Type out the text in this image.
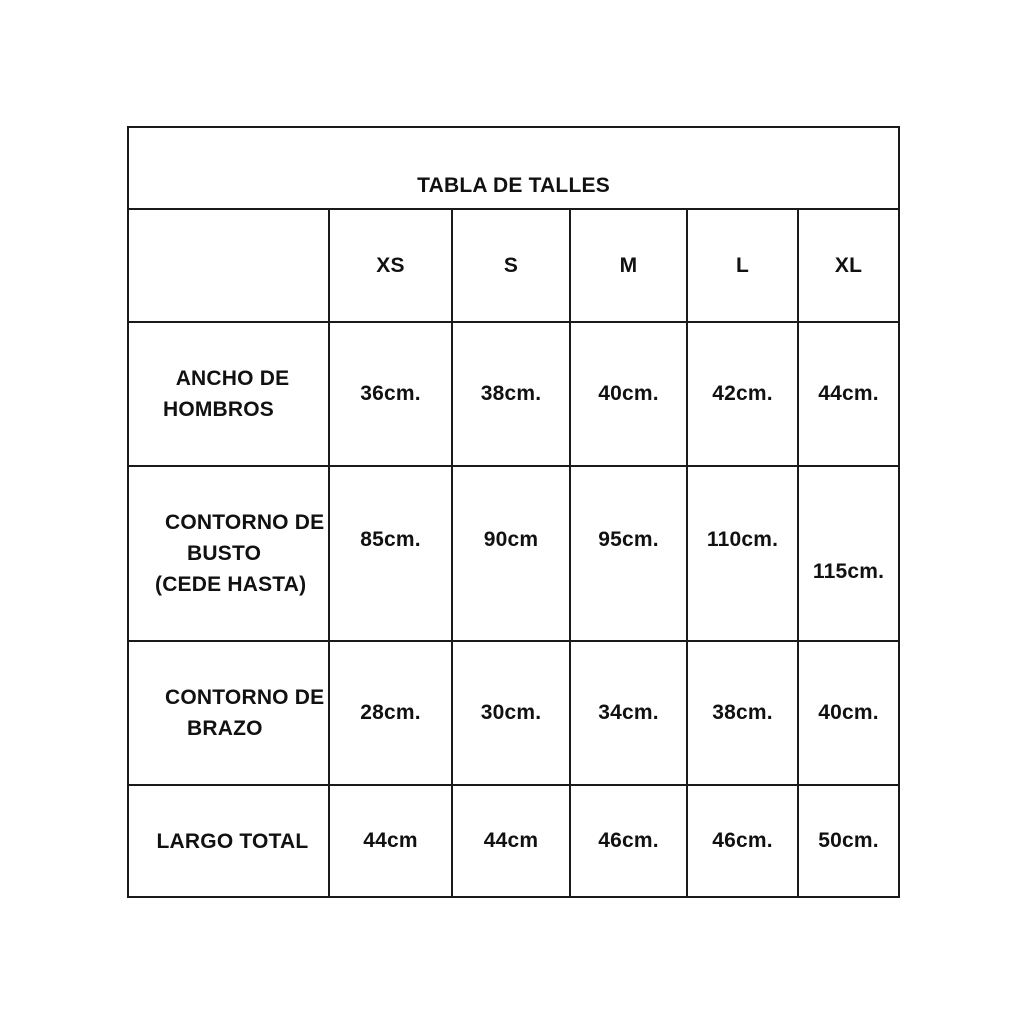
TABLA DE TALLES					
	XS	S	M	L	XL

ANCHO DE
HOMBROS	36cm.	38cm.	40cm.	42cm.	44cm.

CONTORNO DE
BUSTO
(CEDE HASTA)	85cm.	90cm	95cm.	110cm.	115cm.

CONTORNO DE
BRAZO	28cm.	30cm.	34cm.	38cm.	40cm.

LARGO TOTAL	44cm	44cm	46cm.	46cm.	50cm.
